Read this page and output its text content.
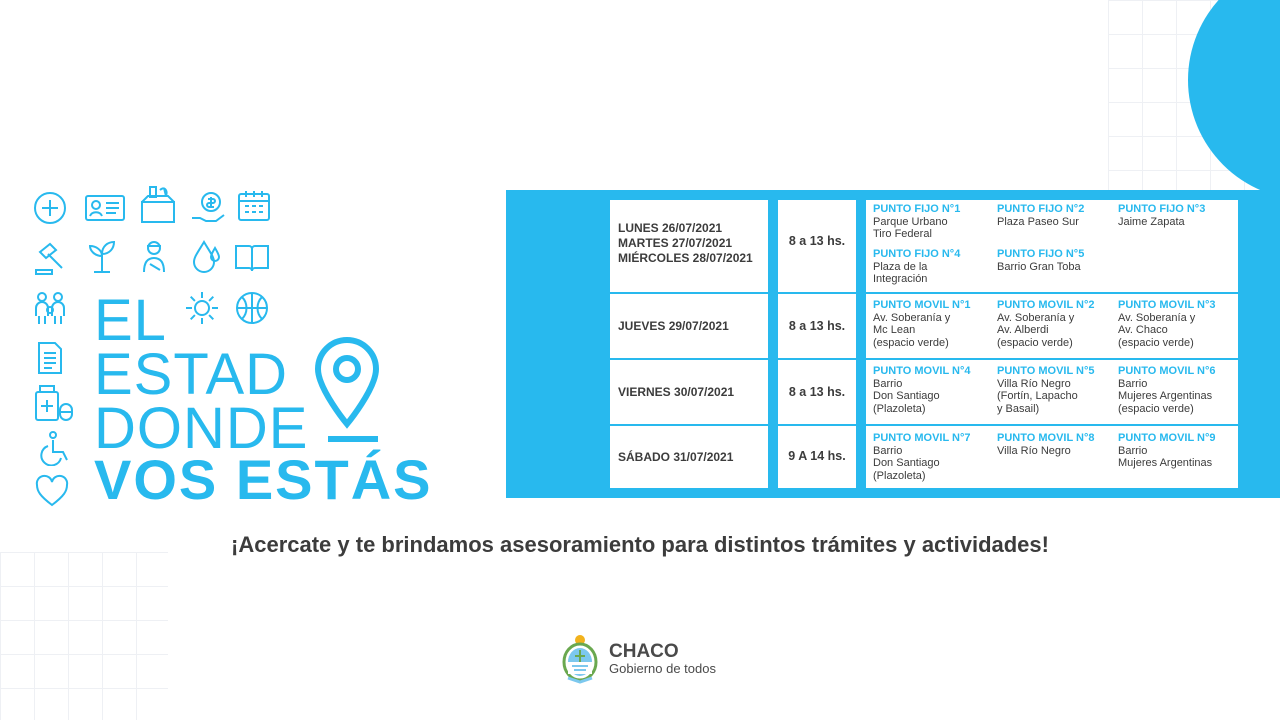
EL
ESTAD
DONDE
VOS ESTÁS
LUNES 26/07/2021
MARTES 27/07/2021
MIÉRCOLES 28/07/2021
JUEVES 29/07/2021
VIERNES 30/07/2021
SÁBADO 31/07/2021
8 a 13 hs.
8 a 13 hs.
8 a 13 hs.
9 A 14 hs.
PUNTO FIJO N°1
Parque Urbano
Tiro Federal
PUNTO FIJO N°2
Plaza Paseo Sur
PUNTO FIJO N°3
Jaime Zapata
PUNTO FIJO N°4
Plaza de la
Integración
PUNTO FIJO N°5
Barrio Gran Toba
PUNTO MOVIL N°1
Av. Soberanía y
Mc Lean
(espacio verde)
PUNTO MOVIL N°2
Av. Soberanía y
Av. Alberdi
(espacio verde)
PUNTO MOVIL N°3
Av. Soberanía y
Av. Chaco
(espacio verde)
PUNTO MOVIL N°4
Barrio
Don Santiago
(Plazoleta)
PUNTO MOVIL N°5
Villa Río Negro
(Fortín, Lapacho
y Basail)
PUNTO MOVIL N°6
Barrio
Mujeres Argentinas
(espacio verde)
PUNTO MOVIL N°7
Barrio
Don Santiago
(Plazoleta)
PUNTO MOVIL N°8
Villa Río Negro
PUNTO MOVIL N°9
Barrio
Mujeres Argentinas
¡Acercate y te brindamos asesoramiento para distintos trámites y actividades!
CHACO
Gobierno de todos
